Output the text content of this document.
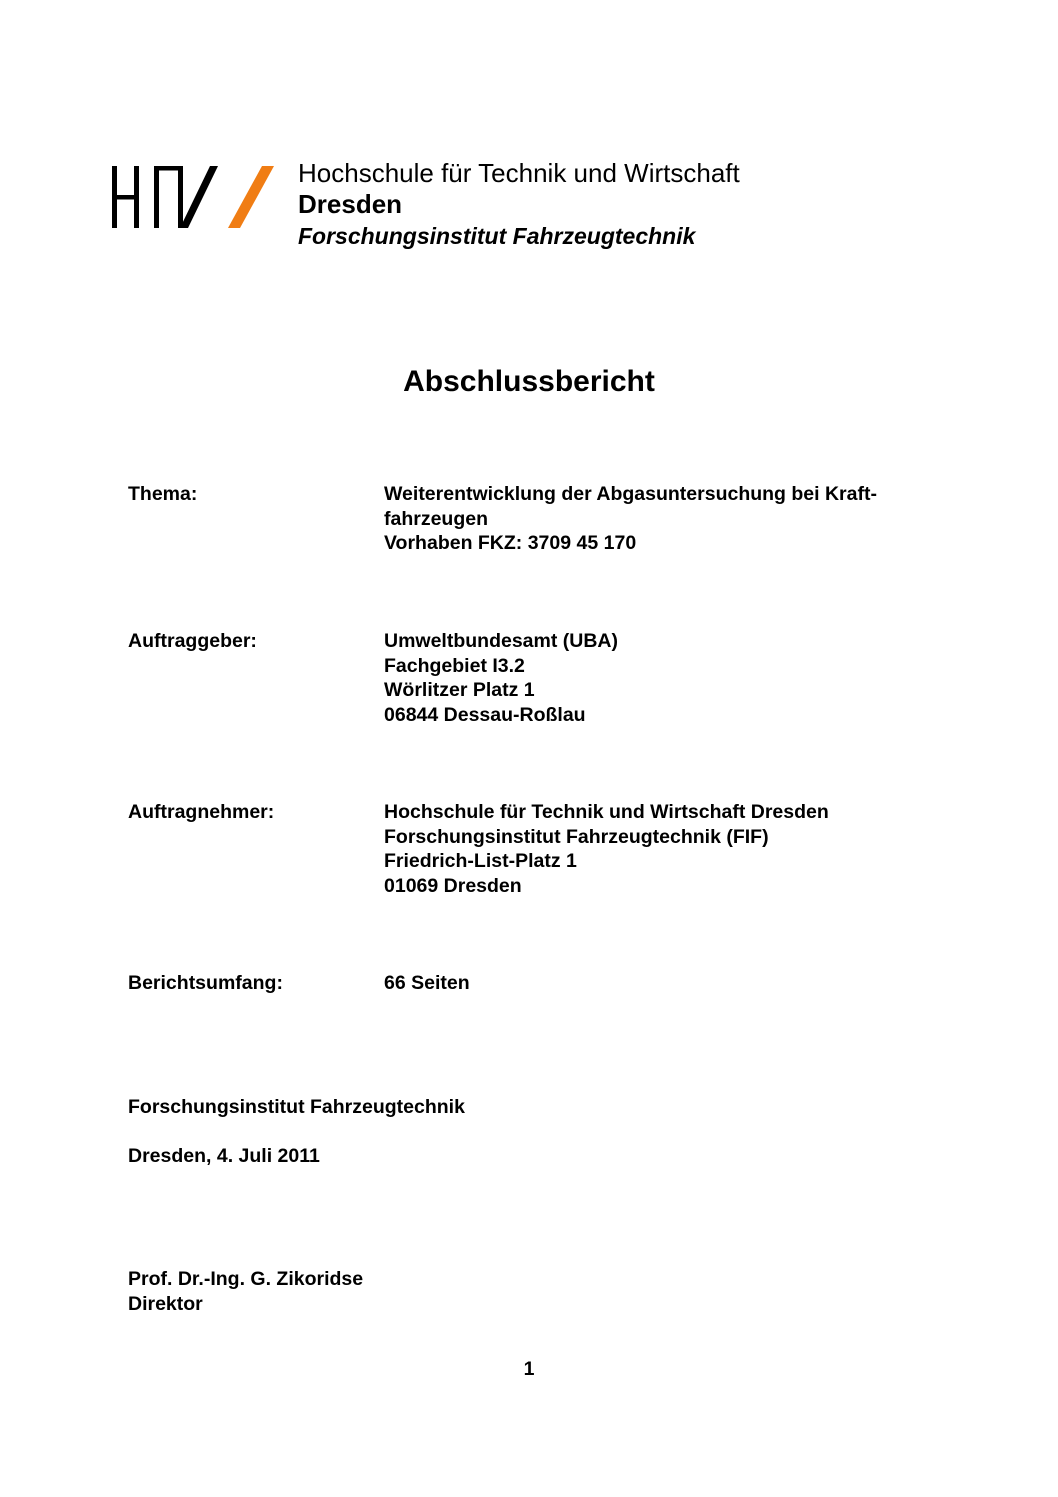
Hochschule für Technik und Wirtschaft
Dresden
Forschungsinstitut Fahrzeugtechnik
Abschlussbericht
Thema:	Weiterentwicklung der Abgasuntersuchung bei Kraft-
fahrzeugen
Vorhaben FKZ: 3709 45 170
Auftraggeber:	Umweltbundesamt (UBA)
Fachgebiet I3.2
Wörlitzer Platz 1
06844 Dessau-Roßlau
Auftragnehmer:	Hochschule für Technik und Wirtschaft Dresden
Forschungsinstitut Fahrzeugtechnik (FIF)
Friedrich-List-Platz 1
01069 Dresden
Berichtsumfang:	66 Seiten
Forschungsinstitut Fahrzeugtechnik
Dresden, 4. Juli 2011
Prof. Dr.-Ing. G. Zikoridse
Direktor
1
